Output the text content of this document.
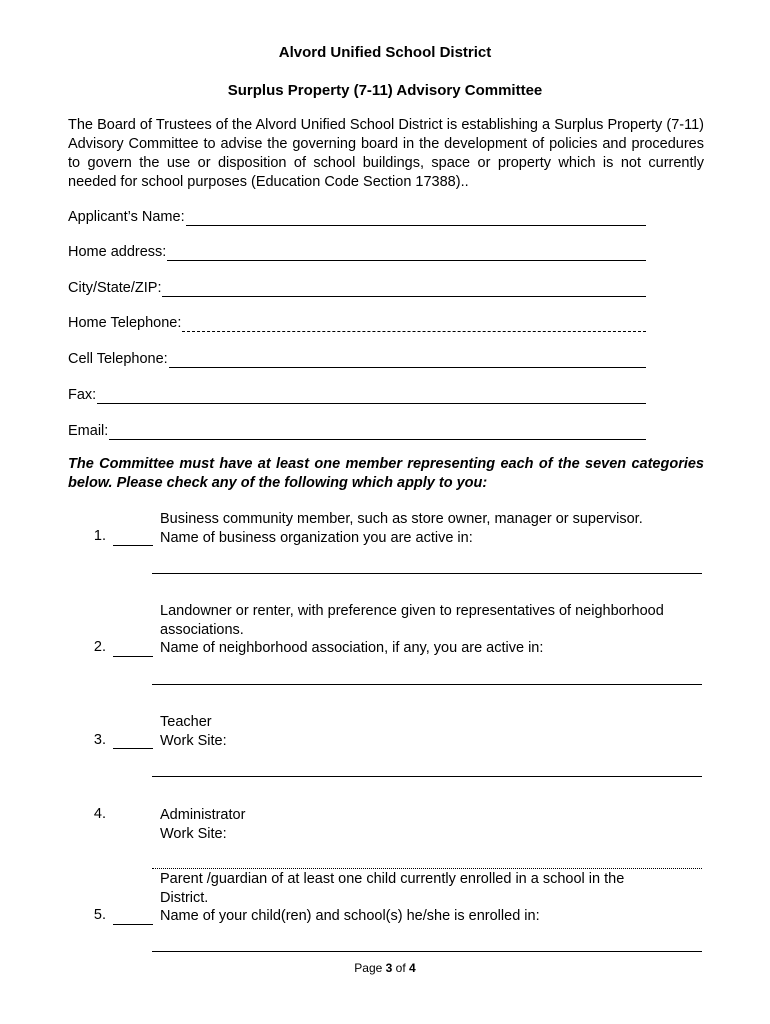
Alvord Unified School District
Surplus Property (7-11) Advisory Committee
The Board of Trustees of the Alvord Unified School District is establishing a Surplus Property (7-11) Advisory Committee to advise the governing board in the development of policies and procedures to govern the use or disposition of school buildings, space or property which is not currently needed for school purposes (Education Code Section 17388)..
Applicant’s Name:
Home address:
City/State/ZIP:
Home Telephone:
Cell Telephone:
Fax:
Email:
The Committee must have at least one member representing each of the seven categories below. Please check any of the following which apply to you:
Business community member, such as store owner, manager or supervisor.
Name of business organization you are active in:
1.
Landowner or renter, with preference given to representatives of neighborhood
associations.
Name of neighborhood association, if any, you are active in:
2.
Teacher
Work Site:
3.
4.	Administrator
Work Site:
Parent /guardian of at least one child currently enrolled in a school in the
District.
Name of your child(ren) and school(s) he/she is enrolled in:
5.
Page 3 of 4
